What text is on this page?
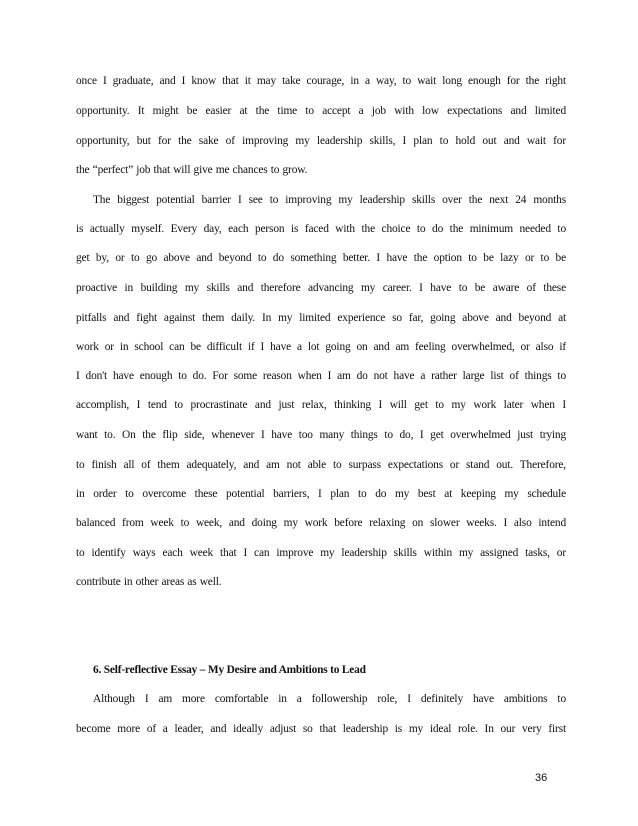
once I graduate, and I know that it may take courage, in a way, to wait long enough for the right
opportunity. It might be easier at the time to accept a job with low expectations and limited
opportunity, but for the sake of improving my leadership skills, I plan to hold out and wait for
the “perfect” job that will give me chances to grow.
The biggest potential barrier I see to improving my leadership skills over the next 24 months
is actually myself. Every day, each person is faced with the choice to do the minimum needed to
get by, or to go above and beyond to do something better. I have the option to be lazy or to be
proactive in building my skills and therefore advancing my career. I have to be aware of these
pitfalls and fight against them daily. In my limited experience so far, going above and beyond at
work or in school can be difficult if I have a lot going on and am feeling overwhelmed, or also if
I don't have enough to do. For some reason when I am do not have a rather large list of things to
accomplish, I tend to procrastinate and just relax, thinking I will get to my work later when I
want to. On the flip side, whenever I have too many things to do, I get overwhelmed just trying
to finish all of them adequately, and am not able to surpass expectations or stand out. Therefore,
in order to overcome these potential barriers, I plan to do my best at keeping my schedule
balanced from week to week, and doing my work before relaxing on slower weeks. I also intend
to identify ways each week that I can improve my leadership skills within my assigned tasks, or
contribute in other areas as well.
6. Self-reflective Essay – My Desire and Ambitions to Lead
Although I am more comfortable in a followership role, I definitely have ambitions to
become more of a leader, and ideally adjust so that leadership is my ideal role. In our very first
36
